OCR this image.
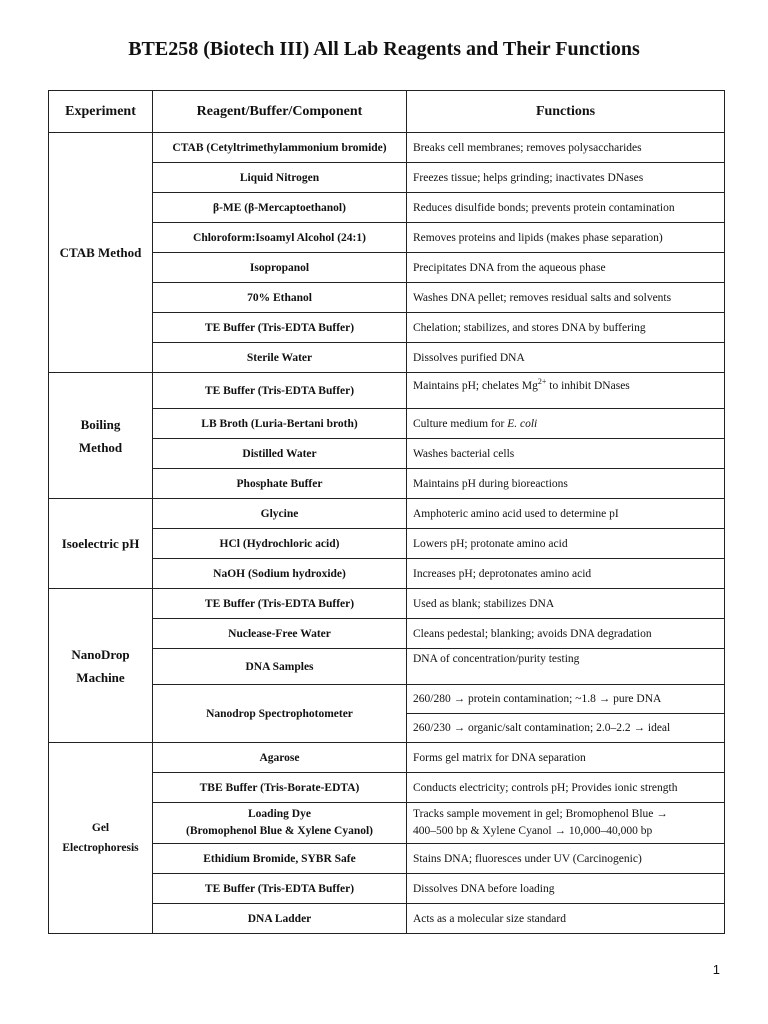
BTE258 (Biotech III) All Lab Reagents and Their Functions
Experiment	Reagent/Buffer/Component	Functions
CTAB Method	CTAB (Cetyltrimethylammonium bromide)	Breaks cell membranes; removes polysaccharides
	Liquid Nitrogen	Freezes tissue; helps grinding; inactivates DNases
	β-ME (β-Mercaptoethanol)	Reduces disulfide bonds; prevents protein contamination
	Chloroform:Isoamyl Alcohol (24:1)	Removes proteins and lipids (makes phase separation)
	Isopropanol	Precipitates DNA from the aqueous phase
	70% Ethanol	Washes DNA pellet; removes residual salts and solvents
	TE Buffer (Tris-EDTA Buffer)	Chelation; stabilizes, and stores DNA by buffering
	Sterile Water	Dissolves purified DNA

Boiling
Method	TE Buffer (Tris-EDTA Buffer)	Maintains pH; chelates $Mg^{2+}$ to inhibit DNases
	LB Broth (Luria-Bertani broth)	Culture medium for E. coli
	Distilled Water	Washes bacterial cells
	Phosphate Buffer	Maintains pH during bioreactions
Isoelectric pH	Glycine	Amphoteric amino acid used to determine pI
	HCl (Hydrochloric acid)	Lowers pH; protonate amino acid
	NaOH (Sodium hydroxide)	Increases pH; deprotonates amino acid

NanoDrop
Machine	TE Buffer (Tris-EDTA Buffer)	Used as blank; stabilizes DNA
	Nuclease-Free Water	Cleans pedestal; blanking; avoids DNA degradation
	DNA Samples	DNA of concentration/purity testing
	Nanodrop Spectrophotometer	260/280 → protein contamination; ~1.8 → pure DNA
		260/230 → organic/salt contamination; 2.0–2.2 → ideal

Gel
Electrophoresis	Agarose	Forms gel matrix for DNA separation
	TBE Buffer (Tris-Borate-EDTA)	Conducts electricity; controls pH; Provides ionic strength

	Loading Dye
(Bromophenol Blue & Xylene Cyanol)	Tracks sample movement in gel; Bromophenol Blue →
400–500 bp & Xylene Cyanol → 10,000–40,000 bp

	Ethidium Bromide, SYBR Safe	Stains DNA; fluoresces under UV (Carcinogenic)
	TE Buffer (Tris-EDTA Buffer)	Dissolves DNA before loading
	DNA Ladder	Acts as a molecular size standard
1
